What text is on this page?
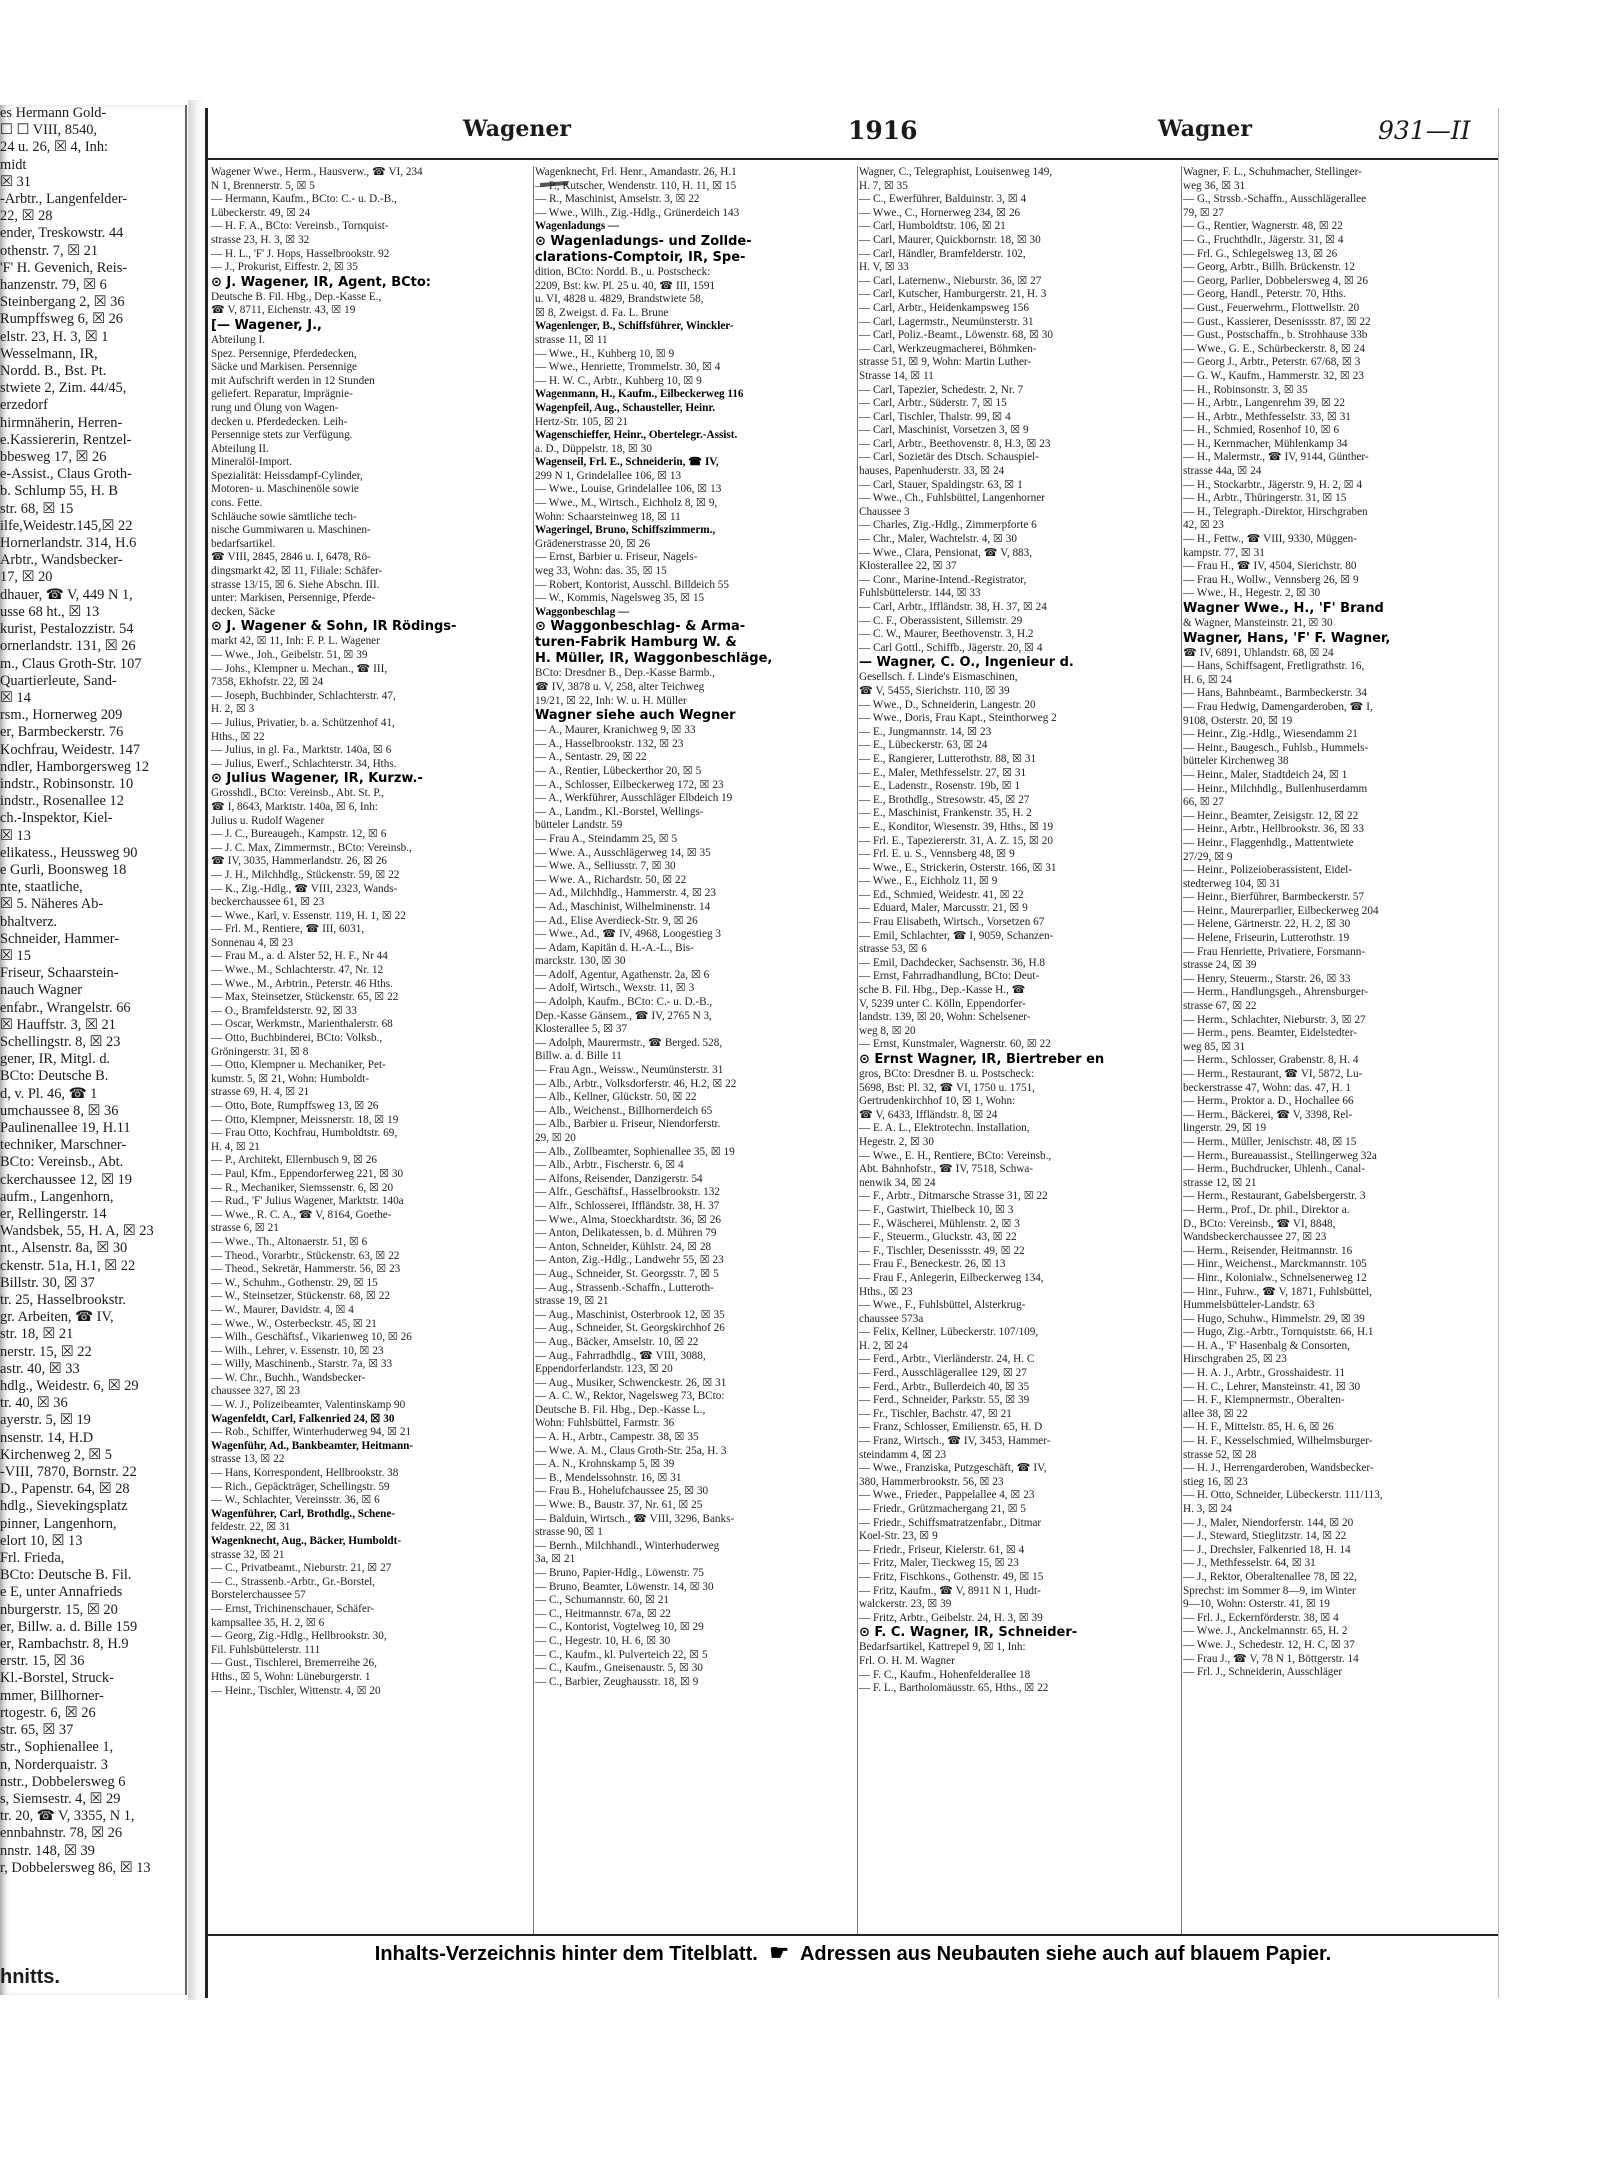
es Hermann Gold-
☐ ☐ VIII, 8540,
24 u. 26, ☒ 4, Inh:
midt
☒ 31
-Arbtr., Langenfelder-
22, ☒ 28
ender, Treskowstr. 44
othenstr. 7, ☒ 21
'F' H. Gevenich, Reis-
hanzenstr. 79, ☒ 6
Steinbergang 2, ☒ 36
Rumpffsweg 6, ☒ 26
elstr. 23, H. 3, ☒ 1
Wesselmann, IR,
Nordd. B., Bst. Pt.
stwiete 2, Zim. 44/45,
erzedorf
hirmnäherin, Herren-
e.Kassiererin, Rentzel-
bbesweg 17, ☒ 26
e-Assist., Claus Groth-
b. Schlump 55, H. B
str. 68, ☒ 15
ilfe,Weidestr.145,☒ 22
Hornerlandstr. 314, H.6
Arbtr., Wandsbecker-
17, ☒ 20
dhauer, ☎ V, 449 N 1,
usse 68 ht., ☒ 13
kurist, Pestalozzistr. 54
ornerlandstr. 131, ☒ 26
m., Claus Groth-Str. 107
Quartierleute, Sand-
☒ 14
rsm., Hornerweg 209
er, Barmbeckerstr. 76
Kochfrau, Weidestr. 147
ndler, Hamborgersweg 12
indstr., Robinsonstr. 10
indstr., Rosenallee 12
ch.-Inspektor, Kiel-
☒ 13
elikatess., Heussweg 90
e Gurli, Boonsweg 18
nte, staatliche,
☒ 5. Näheres Ab-
bhaltverz.
Schneider, Hammer-
☒ 15
Friseur, Schaarstein-
nauch Wagner
enfabr., Wrangelstr. 66
☒ Hauffstr. 3, ☒ 21
Schellingstr. 8, ☒ 23
gener, IR, Mitgl. d.
BCto: Deutsche B.
d, v. Pl. 46, ☎ 1
umchaussee 8, ☒ 36
Paulinenallee 19, H.11
techniker, Marschner-
BCto: Vereinsb., Abt.
ckerchaussee 12, ☒ 19
aufm., Langenhorn,
er, Rellingerstr. 14
Wandsbek, 55, H. A, ☒ 23
nt., Alsenstr. 8a, ☒ 30
ckenstr. 51a, H.1, ☒ 22
Billstr. 30, ☒ 37
tr. 25, Hasselbrookstr.
gr. Arbeiten, ☎ IV,
str. 18, ☒ 21
nerstr. 15, ☒ 22
astr. 40, ☒ 33
hdlg., Weidestr. 6, ☒ 29
tr. 40, ☒ 36
ayerstr. 5, ☒ 19
nsenstr. 14, H.D
Kirchenweg 2, ☒ 5
-VIII, 7870, Bornstr. 22
D., Papenstr. 64, ☒ 28
hdlg., Sievekingsplatz
pinner, Langenhorn,
elort 10, ☒ 13
Frl. Frieda,
BCto: Deutsche B. Fil.
e E, unter Annafrieds
nburgerstr. 15, ☒ 20
er, Billw. a. d. Bille 159
er, Rambachstr. 8, H.9
erstr. 15, ☒ 36
Kl.-Borstel, Struck-
mmer, Billhorner-
rtogestr. 6, ☒ 26
str. 65, ☒ 37
str., Sophienallee 1,
n, Norderquaistr. 3
nstr., Dobbelersweg 6
s, Siemsestr. 4, ☒ 29
tr. 20, ☎ V, 3355, N 1,
ennbahnstr. 78, ☒ 26
nnstr. 148, ☒ 39
r, Dobbelersweg 86, ☒ 13
hnitts.
Wagener	1916	Wagner	931—II
Wagener Wwe., Herm., Hausverw., ☎ VI, 234
N 1, Brennerstr. 5, ☒ 5
— Hermann, Kaufm., BCto: C.- u. D.-B.,
Lübeckerstr. 49, ☒ 24
— H. F. A., BCto: Vereinsb., Tornquist-
strasse 23, H. 3, ☒ 32
— H. L., 'F' J. Hops, Hasselbrookstr. 92
— J., Prokurist, Eiffestr. 2, ☒ 35
⊙ J. Wagener, IR, Agent, BCto:
Deutsche B. Fil. Hbg., Dep.-Kasse E.,
☎ V, 8711, Eichenstr. 43, ☒ 19
[— Wagener, J.,
Abteilung I.
Spez. Persennige, Pferdedecken,
Säcke und Markisen. Persennige
mit Aufschrift werden in 12 Stunden
geliefert. Reparatur, Imprägnie-
rung und Ölung von Wagen-
decken u. Pferdedecken. Leih-
Persennige stets zur Verfügung.
Abteilung II.
Mineralöl-Import.
Spezialität: Heissdampf-Cylinder,
Motoren- u. Maschinenöle sowie
cons. Fette.
Schläuche sowie sämtliche tech-
nische Gummiwaren u. Maschinen-
bedarfsartikel.
☎ VIII, 2845, 2846 u. I, 6478, Rö-
dingsmarkt 42, ☒ 11, Filiale: Schäfer-
strasse 13/15, ☒ 6. Siehe Abschn. III.
unter: Markisen, Persennige, Pferde-
decken, Säcke
⊙ J. Wagener & Sohn, IR Rödings-
markt 42, ☒ 11, Inh: F. P. L. Wagener
— Wwe., Joh., Geibelstr. 51, ☒ 39
— Johs., Klempner u. Mechan., ☎ III,
7358, Ekhofstr. 22, ☒ 24
— Joseph, Buchbinder, Schlachterstr. 47,
H. 2, ☒ 3
— Julius, Privatier, b. a. Schützenhof 41,
Hths., ☒ 22
— Julius, in gl. Fa., Marktstr. 140a, ☒ 6
— Julius, Ewerf., Schlachterstr. 34, Hths.
⊙ Julius Wagener, IR, Kurzw.-
Grosshdl., BCto: Vereinsb., Abt. St. P.,
☎ I, 8643, Marktstr. 140a, ☒ 6, Inh:
Julius u. Rudolf Wagener
— J. C., Bureaugeh., Kampstr. 12, ☒ 6
— J. C. Max, Zimmermstr., BCto: Vereinsb.,
☎ IV, 3035, Hammerlandstr. 26, ☒ 26
— J. H., Milchhdlg., Stückenstr. 59, ☒ 22
— K., Zig.-Hdlg., ☎ VIII, 2323, Wands-
beckerchaussee 61, ☒ 23
— Wwe., Karl, v. Essenstr. 119, H. 1, ☒ 22
— Frl. M., Rentiere, ☎ III, 6031,
Sonnenau 4, ☒ 23
— Frau M., a. d. Alster 52, H. F., Nr 44
— Wwe., M., Schlachterstr. 47, Nr. 12
— Wwe., M., Arbtrin., Peterstr. 46 Hths.
— Max, Steinsetzer, Stückenstr. 65, ☒ 22
— O., Bramfeldsterstr. 92, ☒ 33
— Oscar, Werkmstr., Marienthalerstr. 68
— Otto, Buchbinderei, BCto: Volksb.,
Gröningerstr. 31, ☒ 8
— Otto, Klempner u. Mechaniker, Pet-
kumstr. 5, ☒ 21, Wohn: Humboldt-
strasse 69, H. 4, ☒ 21
— Otto, Bote, Rumpffsweg 13, ☒ 26
— Otto, Klempner, Meissnerstr. 18, ☒ 19
— Frau Otto, Kochfrau, Humboldtstr. 69,
H. 4, ☒ 21
— P., Architekt, Ellernbusch 9, ☒ 26
— Paul, Kfm., Eppendorferweg 221, ☒ 30
— R., Mechaniker, Siemssenstr. 6, ☒ 20
— Rud., 'F' Julius Wagener, Marktstr. 140a
— Wwe., R. C. A., ☎ V, 8164, Goethe-
strasse 6, ☒ 21
— Wwe., Th., Altonaerstr. 51, ☒ 6
— Theod., Vorarbtr., Stückenstr. 63, ☒ 22
— Theod., Sekretär, Hammerstr. 56, ☒ 23
— W., Schuhm., Gothenstr. 29, ☒ 15
— W., Steinsetzer, Stückenstr. 68, ☒ 22
— W., Maurer, Davidstr. 4, ☒ 4
— Wwe., W., Osterbeckstr. 45, ☒ 21
— Wilh., Geschäftsf., Vikarienweg 10, ☒ 26
— Wilh., Lehrer, v. Essenstr. 10, ☒ 23
— Willy, Maschinenb., Starstr. 7a, ☒ 33
— W. Chr., Buchh., Wandsbecker-
chaussee 327, ☒ 23
— W. J., Polizeibeamter, Valentinskamp 90
Wagenfeldt, Carl, Falkenried 24, ☒ 30
— Rob., Schiffer, Winterhuderweg 94, ☒ 21
Wagenführ, Ad., Bankbeamter, Heitmann-
strasse 13, ☒ 22
— Hans, Korrespondent, Hellbrookstr. 38
— Rich., Gepäckträger, Schellingstr. 59
— W., Schlachter, Vereinsstr. 36, ☒ 6
Wagenführer, Carl, Brothdlg., Schene-
feldestr. 22, ☒ 31
Wagenknecht, Aug., Bäcker, Humboldt-
strasse 32, ☒ 21
— C., Privatbeamt., Nieburstr. 21, ☒ 27
— C., Strassenb.-Arbtr., Gr.-Borstel,
Borstelerchaussee 57
— Ernst, Trichinenschauer, Schäfer-
kampsallee 35, H. 2, ☒ 6
— Georg, Zig.-Hdlg., Hellbrookstr. 30,
Fil. Fuhlsbüttelerstr. 111
— Gust., Tischlerei, Bremerreihe 26,
Hths., ☒ 5, Wohn: Lüneburgerstr. 1
— Heinr., Tischler, Wittenstr. 4, ☒ 20
Wagenknecht, Frl. Henr., Amandastr. 26, H.1
— P., Kutscher, Wendenstr. 110, H. 11, ☒ 15
— R., Maschinist, Amselstr. 3, ☒ 22
— Wwe., Wilh., Zig.-Hdlg., Grünerdeich 143
Wagenladungs —
⊙ Wagenladungs- und Zollde-
clarations-Comptoir, IR, Spe-
dition, BCto: Nordd. B., u. Postscheck:
2209, Bst: kw. Pl. 25 u. 40, ☎ III, 1591
u. VI, 4828 u. 4829, Brandstwiete 58,
☒ 8, Zweigst. d. Fa. L. Brune
Wagenlenger, B., Schiffsführer, Winckler-
strasse 11, ☒ 11
— Wwe., H., Kuhberg 10, ☒ 9
— Wwe., Henriette, Trommelstr. 30, ☒ 4
— H. W. C., Arbtr., Kuhberg 10, ☒ 9
Wagenmann, H., Kaufm., Eilbeckerweg 116
Wagenpfeil, Aug., Schausteller, Heinr.
Hertz-Str. 105, ☒ 21
Wagenschieffer, Heinr., Obertelegr.-Assist.
a. D., Düppelstr. 18, ☒ 30
Wagenseil, Frl. E., Schneiderin, ☎ IV,
299 N 1, Grindelallee 106, ☒ 13
— Wwe., Louise, Grindelallee 106, ☒ 13
— Wwe., M., Wirtsch., Eichholz 8, ☒ 9,
Wohn: Schaarsteinweg 18, ☒ 11
Wageringel, Bruno, Schiffszimmerm.,
Grädenerstrasse 20, ☒ 26
— Ernst, Barbier u. Friseur, Nagels-
weg 33, Wohn: das. 35, ☒ 15
— Robert, Kontorist, Ausschl. Billdeich 55
— W., Kommis, Nagelsweg 35, ☒ 15
Waggonbeschlag —
⊙ Waggonbeschlag- & Arma-
turen-Fabrik Hamburg W. &
H. Müller, IR, Waggonbeschläge,
BCto: Dresdner B., Dep.-Kasse Barmb.,
☎ IV, 3878 u. V, 258, alter Teichweg
19/21, ☒ 22, Inh: W. u. H. Müller
Wagner siehe auch Wegner
— A., Maurer, Kranichweg 9, ☒ 33
— A., Hasselbrookstr. 132, ☒ 23
— A., Sentastr. 29, ☒ 22
— A., Rentier, Lübeckerthor 20, ☒ 5
— A., Schlosser, Eilbeckerweg 172, ☒ 23
— A., Werkführer, Ausschläger Elbdeich 19
— A., Landm., Kl.-Borstel, Wellings-
bütteler Landstr. 59
— Frau A., Steindamm 25, ☒ 5
— Wwe. A., Ausschlägerweg 14, ☒ 35
— Wwe. A., Selliusstr. 7, ☒ 30
— Wwe. A., Richardstr. 50, ☒ 22
— Ad., Milchhdlg., Hammerstr. 4, ☒ 23
— Ad., Maschinist, Wilhelminenstr. 14
— Ad., Elise Averdieck-Str. 9, ☒ 26
— Wwe., Ad., ☎ IV, 4968, Loogestieg 3
— Adam, Kapitän d. H.-A.-L., Bis-
marckstr. 130, ☒ 30
— Adolf, Agentur, Agathenstr. 2a, ☒ 6
— Adolf, Wirtsch., Wexstr. 11, ☒ 3
— Adolph, Kaufm., BCto: C.- u. D.-B.,
Dep.-Kasse Gänsem., ☎ IV, 2765 N 3,
Klosterallee 5, ☒ 37
— Adolph, Maurermstr., ☎ Berged. 528,
Billw. a. d. Bille 11
— Frau Agn., Weissw., Neumünsterstr. 31
— Alb., Arbtr., Volksdorferstr. 46, H.2, ☒ 22
— Alb., Kellner, Glückstr. 50, ☒ 22
— Alb., Weichenst., Billhornerdeich 65
— Alb., Barbier u. Friseur, Niendorferstr.
29, ☒ 20
— Alb., Zollbeamter, Sophienallee 35, ☒ 19
— Alb., Arbtr., Fischerstr. 6, ☒ 4
— Alfons, Reisender, Danzigerstr. 54
— Alfr., Geschäftsf., Hasselbrookstr. 132
— Alfr., Schlosserei, Iffländstr. 38, H. 37
— Wwe., Alma, Stoeckhardtstr. 36, ☒ 26
— Anton, Delikatessen, b. d. Mühren 79
— Anton, Schneider, Kühlstr. 24, ☒ 28
— Anton, Zig.-Hdlg., Landwehr 55, ☒ 23
— Aug., Schneider, St. Georgsstr. 7, ☒ 5
— Aug., Strassenb.-Schaffn., Lutteroth-
strasse 19, ☒ 21
— Aug., Maschinist, Osterbrook 12, ☒ 35
— Aug., Schneider, St. Georgskirchhof 26
— Aug., Bäcker, Amselstr. 10, ☒ 22
— Aug., Fahrradhdlg., ☎ VIII, 3088,
Eppendorferlandstr. 123, ☒ 20
— Aug., Musiker, Schwenckestr. 26, ☒ 31
— A. C. W., Rektor, Nagelsweg 73, BCto:
Deutsche B. Fil. Hbg., Dep.-Kasse L.,
Wohn: Fuhlsbüttel, Farmstr. 36
— A. H., Arbtr., Campestr. 38, ☒ 35
— Wwe. A. M., Claus Groth-Str. 25a, H. 3
— A. N., Krohnskamp 5, ☒ 39
— B., Mendelssohnstr. 16, ☒ 31
— Frau B., Hohelufchaussee 25, ☒ 30
— Wwe. B., Baustr. 37, Nr. 61, ☒ 25
— Balduin, Wirtsch., ☎ VIII, 3296, Banks-
strasse 90, ☒ 1
— Bernh., Milchhandl., Winterhuderweg
3a, ☒ 21
— Bruno, Papier-Hdlg., Löwenstr. 75
— Bruno, Beamter, Löwenstr. 14, ☒ 30
— C., Schumannstr. 60, ☒ 21
— C., Heitmannstr. 67a, ☒ 22
— C., Kontorist, Vogtelweg 10, ☒ 29
— C., Hegestr. 10, H. 6, ☒ 30
— C., Kaufm., kl. Pulverteich 22, ☒ 5
— C., Kaufm., Gneisenaustr. 5, ☒ 30
— C., Barbier, Zeughausstr. 18, ☒ 9
Wagner, C., Telegraphist, Louisenweg 149,
H. 7, ☒ 35
— C., Ewerführer, Balduinstr. 3, ☒ 4
— Wwe., C., Hornerweg 234, ☒ 26
— Carl, Humboldtstr. 106, ☒ 21
— Carl, Maurer, Quickbornstr. 18, ☒ 30
— Carl, Händler, Bramfelderstr. 102,
H. V, ☒ 33
— Carl, Laternenw., Nieburstr. 36, ☒ 27
— Carl, Kutscher, Hamburgerstr. 21, H. 3
— Carl, Arbtr., Heidenkampsweg 156
— Carl, Lagermstr., Neumünsterstr. 31
— Carl, Poliz.-Beamt., Löwenstr. 68, ☒ 30
— Carl, Werkzeugmacherei, Böhmken-
strasse 51, ☒ 9, Wohn: Martin Luther-
Strasse 14, ☒ 11
— Carl, Tapezier, Schedestr. 2, Nr. 7
— Carl, Arbtr., Süderstr. 7, ☒ 15
— Carl, Tischler, Thalstr. 99, ☒ 4
— Carl, Maschinist, Vorsetzen 3, ☒ 9
— Carl, Arbtr., Beethovenstr. 8, H.3, ☒ 23
— Carl, Sozietär des Dtsch. Schauspiel-
hauses, Papenhuderstr. 33, ☒ 24
— Carl, Stauer, Spaldingstr. 63, ☒ 1
— Wwe., Ch., Fuhlsbüttel, Langenhorner
Chaussee 3
— Charles, Zig.-Hdlg., Zimmerpforte 6
— Chr., Maler, Wachtelstr. 4, ☒ 30
— Wwe., Clara, Pensionat, ☎ V, 883,
Klosterallee 22, ☒ 37
— Conr., Marine-Intend.-Registrator,
Fuhlsbüttelerstr. 144, ☒ 33
— Carl, Arbtr., Iffländstr. 38, H. 37, ☒ 24
— C. F., Oberassistent, Sillemstr. 29
— C. W., Maurer, Beethovenstr. 3, H.2
— Carl Gottl., Schiffb., Jägerstr. 20, ☒ 4
— Wagner, C. O., Ingenieur d.
Gesellsch. f. Linde's Eismaschinen,
☎ V, 5455, Sierichstr. 110, ☒ 39
— Wwe., D., Schneiderin, Langestr. 20
— Wwe., Doris, Frau Kapt., Steinthorweg 2
— E., Jungmannstr. 14, ☒ 23
— E., Lübeckerstr. 63, ☒ 24
— E., Rangierer, Lutterothstr. 88, ☒ 31
— E., Maler, Methfesselstr. 27, ☒ 31
— E., Ladenstr., Rosenstr. 19b, ☒ 1
— E., Brothdlg., Stresowstr. 45, ☒ 27
— E., Maschinist, Frankenstr. 35, H. 2
— E., Konditor, Wiesenstr. 39, Hths., ☒ 19
— Frl. E., Tapeziererstr. 31, A. Z. 15, ☒ 20
— Frl. E. u. S., Vennsberg 48, ☒ 9
— Wwe., E., Strickerin, Osterstr. 166, ☒ 31
— Wwe., E., Eichholz 11, ☒ 9
— Ed., Schmied, Weidestr. 41, ☒ 22
— Eduard, Maler, Marcusstr. 21, ☒ 9
— Frau Elisabeth, Wirtsch., Vorsetzen 67
— Emil, Schlachter, ☎ I, 9059, Schanzen-
strasse 53, ☒ 6
— Emil, Dachdecker, Sachsenstr. 36, H.8
— Ernst, Fahrradhandlung, BCto: Deut-
sche B. Fil. Hbg., Dep.-Kasse H., ☎
V, 5239 unter C. Kölln, Eppendorfer-
landstr. 139, ☒ 20, Wohn: Schelsener-
weg 8, ☒ 20
— Ernst, Kunstmaler, Wagnerstr. 60, ☒ 22
⊙ Ernst Wagner, IR, Biertreber en
gros, BCto: Dresdner B. u. Postscheck:
5698, Bst: Pl. 32, ☎ VI, 1750 u. 1751,
Gertrudenkirchhof 10, ☒ 1, Wohn:
☎ V, 6433, Iffländstr. 8, ☒ 24
— E. A. L., Elektrotechn. Installation,
Hegestr. 2, ☒ 30
— Wwe., E. H., Rentiere, BCto: Vereinsb.,
Abt. Bahnhofstr., ☎ IV, 7518, Schwa-
nenwik 34, ☒ 24
— F., Arbtr., Ditmarsche Strasse 31, ☒ 22
— F., Gastwirt, Thielbeck 10, ☒ 3
— F., Wäscherei, Mühlenstr. 2, ☒ 3
— F., Steuerm., Gluckstr. 43, ☒ 22
— F., Tischler, Desenissstr. 49, ☒ 22
— Frau F., Beneckestr. 26, ☒ 13
— Frau F., Anlegerin, Eilbeckerweg 134,
Hths., ☒ 23
— Wwe., F., Fuhlsbüttel, Alsterkrug-
chaussee 573a
— Felix, Kellner, Lübeckerstr. 107/109,
H. 2, ☒ 24
— Ferd., Arbtr., Vierländerstr. 24, H. C
— Ferd., Ausschlägerallee 129, ☒ 27
— Ferd., Arbtr., Bullerdeich 40, ☒ 35
— Ferd., Schneider, Parkstr. 55, ☒ 39
— Fr., Tischler, Bachstr. 47, ☒ 21
— Franz, Schlosser, Emilienstr. 65, H. D
— Franz, Wirtsch., ☎ IV, 3453, Hammer-
steindamm 4, ☒ 23
— Wwe., Franziska, Putzgeschäft, ☎ IV,
380, Hammerbrookstr. 56, ☒ 23
— Wwe., Frieder., Pappelallee 4, ☒ 23
— Friedr., Grützmachergang 21, ☒ 5
— Friedr., Schiffsmatratzenfabr., Ditmar
Koel-Str. 23, ☒ 9
— Friedr., Friseur, Kielerstr. 61, ☒ 4
— Fritz, Maler, Tieckweg 15, ☒ 23
— Fritz, Fischkons., Gothenstr. 49, ☒ 15
— Fritz, Kaufm., ☎ V, 8911 N 1, Hudt-
walckerstr. 23, ☒ 39
— Fritz, Arbtr., Geibelstr. 24, H. 3, ☒ 39
⊙ F. C. Wagner, IR, Schneider-
Bedarfsartikel, Kattrepel 9, ☒ 1, Inh:
Frl. O. H. M. Wagner
— F. C., Kaufm., Hohenfelderallee 18
— F. L., Bartholomäusstr. 65, Hths., ☒ 22
Wagner, F. L., Schuhmacher, Stellinger-
weg 36, ☒ 31
— G., Strssb.-Schaffn., Ausschlägerallee
79, ☒ 27
— G., Rentier, Wagnerstr. 48, ☒ 22
— G., Fruchthdlr., Jägerstr. 31, ☒ 4
— Frl. G., Schlegelsweg 13, ☒ 26
— Georg, Arbtr., Billh. Brückenstr. 12
— Georg, Parlier, Dobbelersweg 4, ☒ 26
— Georg, Handl., Peterstr. 70, Hths.
— Gust., Feuerwehrm., Flottwellstr. 20
— Gust., Kassierer, Desenissstr. 87, ☒ 22
— Gust., Postschaffn., b. Strohhause 33b
— Wwe., G. E., Schürbeckerstr. 8, ☒ 24
— Georg J., Arbtr., Peterstr. 67/68, ☒ 3
— G. W., Kaufm., Hammerstr. 32, ☒ 23
— H., Robinsonstr. 3, ☒ 35
— H., Arbtr., Langenrehm 39, ☒ 22
— H., Arbtr., Methfesselstr. 33, ☒ 31
— H., Schmied, Rosenhof 10, ☒ 6
— H., Kernmacher, Mühlenkamp 34
— H., Malermstr., ☎ IV, 9144, Günther-
strasse 44a, ☒ 24
— H., Stockarbtr., Jägerstr. 9, H. 2, ☒ 4
— H., Arbtr., Thüringerstr. 31, ☒ 15
— H., Telegraph.-Direktor, Hirschgraben
42, ☒ 23
— H., Fettw., ☎ VIII, 9330, Müggen-
kampstr. 77, ☒ 31
— Frau H., ☎ IV, 4504, Sierichstr. 80
— Frau H., Wollw., Vennsberg 26, ☒ 9
— Wwe., H., Hegestr. 2, ☒ 30
Wagner Wwe., H., 'F' Brand
& Wagner, Mansteinstr. 21, ☒ 30
Wagner, Hans, 'F' F. Wagner,
☎ IV, 6891, Uhlandstr. 68, ☒ 24
— Hans, Schiffsagent, Fretligrathstr. 16,
H. 6, ☒ 24
— Hans, Bahnbeamt., Barmbeckerstr. 34
— Frau Hedwig, Damengarderoben, ☎ I,
9108, Osterstr. 20, ☒ 19
— Heinr., Zig.-Hdlg., Wiesendamm 21
— Heinr., Baugesch., Fuhlsb., Hummels-
bütteler Kirchenweg 38
— Heinr., Maler, Stadtdeich 24, ☒ 1
— Heinr., Milchhdlg., Bullenhuserdamm
66, ☒ 27
— Heinr., Beamter, Zeisigstr. 12, ☒ 22
— Heinr., Arbtr., Hellbrookstr. 36, ☒ 33
— Heinr., Flaggenhdlg., Mattentwiete
27/29, ☒ 9
— Heinr., Polizeioberassistent, Eidel-
stedterweg 104, ☒ 31
— Heinr., Bierführer, Barmbeckerstr. 57
— Heinr., Maurerparlier, Eilbeckerweg 204
— Helene, Gärtnerstr. 22, H. 2, ☒ 30
— Helene, Friseurin, Lutterothstr. 19
— Frau Henriette, Privatiere, Forsmann-
strasse 24, ☒ 39
— Henry, Steuerm., Starstr. 26, ☒ 33
— Herm., Handlungsgeh., Ahrensburger-
strasse 67, ☒ 22
— Herm., Schlachter, Nieburstr. 3, ☒ 27
— Herm., pens. Beamter, Eidelstedter-
weg 85, ☒ 31
— Herm., Schlosser, Grabenstr. 8, H. 4
— Herm., Restaurant, ☎ VI, 5872, Lu-
beckerstrasse 47, Wohn: das. 47, H. 1
— Herm., Proktor a. D., Hochallee 66
— Herm., Bäckerei, ☎ V, 3398, Rel-
lingerstr. 29, ☒ 19
— Herm., Müller, Jenischstr. 48, ☒ 15
— Herm., Bureauassist., Stellingerweg 32a
— Herm., Buchdrucker, Uhlenh., Canal-
strasse 12, ☒ 21
— Herm., Restaurant, Gabelsbergerstr. 3
— Herm., Prof., Dr. phil., Direktor a.
D., BCto: Vereinsb., ☎ VI, 8848,
Wandsbeckerchaussee 27, ☒ 23
— Herm., Reisender, Heitmannstr. 16
— Hinr., Weichenst., Marckmannstr. 105
— Hinr., Kolonialw., Schnelsenerweg 12
— Hinr., Fuhrw., ☎ V, 1871, Fuhlsbüttel,
Hummelsbütteler-Landstr. 63
— Hugo, Schuhw., Himmelstr. 29, ☒ 39
— Hugo, Zig.-Arbtr., Tornquiststr. 66, H.1
— H. A., 'F' Hasenbalg & Consorten,
Hirschgraben 25, ☒ 23
— H. A. J., Arbtr., Grosshaidestr. 11
— H. C., Lehrer, Mansteinstr. 41, ☒ 30
— H. F., Klempnermstr., Oberalten-
allee 38, ☒ 22
— H. F., Mittelstr. 85, H. 6, ☒ 26
— H. F., Kesselschmied, Wilhelmsburger-
strasse 52, ☒ 28
— H. J., Herrengarderoben, Wandsbecker-
stieg 16, ☒ 23
— H. Otto, Schneider, Lübeckerstr. 111/113,
H. 3, ☒ 24
— J., Maler, Niendorferstr. 144, ☒ 20
— J., Steward, Stieglitzstr. 14, ☒ 22
— J., Drechsler, Falkenried 18, H. 14
— J., Methfesselstr. 64, ☒ 31
— J., Rektor, Oberaltenallee 78, ☒ 22,
Sprechst: im Sommer 8—9, im Winter
9—10, Wohn: Osterstr. 41, ☒ 19
— Frl. J., Eckernförderstr. 38, ☒ 4
— Wwe. J., Anckelmannstr. 65, H. 2
— Wwe. J., Schedestr. 12, H. C, ☒ 37
— Frau J., ☎ V, 78 N 1, Böttgerstr. 14
— Frl. J., Schneiderin, Ausschläger
Inhalts-Verzeichnis hinter dem Titelblatt. ☛ Adressen aus Neubauten siehe auch auf blauem Papier.
